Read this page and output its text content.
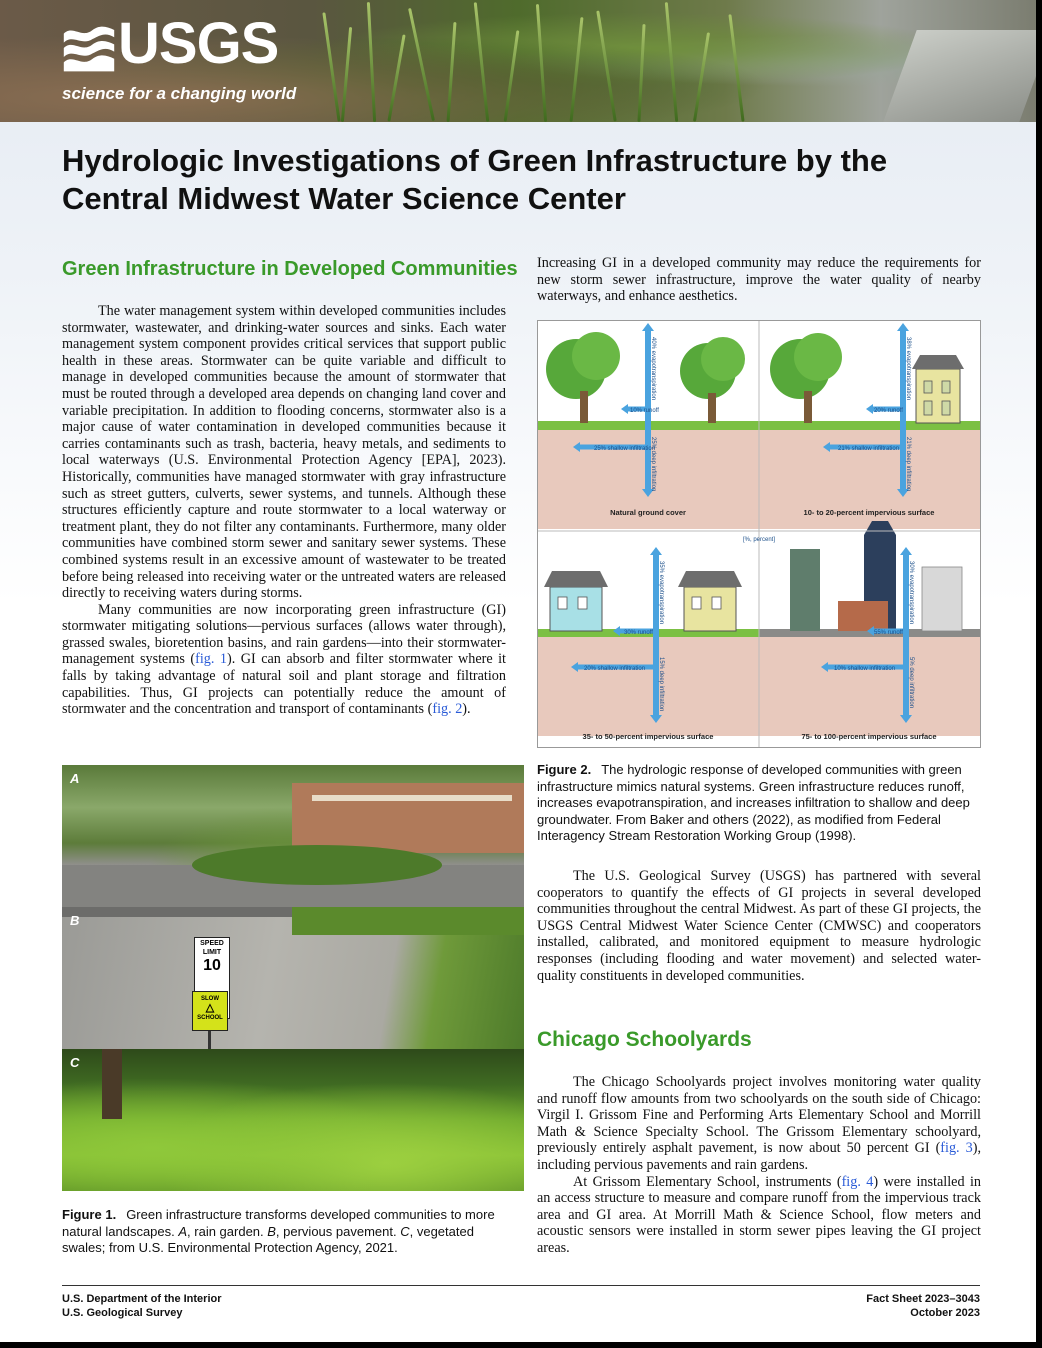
USGS
science for a changing world
Hydrologic Investigations of Green Infrastructure by the Central Midwest Water Science Center
Green Infrastructure in Developed Communities

The water management system within developed communities includes stormwater, wastewater, and drinking-water sources and sinks. Each water management system component provides critical services that support public health in these areas. Stormwater can be quite variable and difficult to manage in developed communities because the amount of stormwater that must be routed through a developed area depends on changing land cover and variable precipitation. In addition to flooding concerns, stormwater also is a major cause of water contamination in developed communities because it carries contaminants such as trash, bacteria, heavy metals, and sediments to local waterways (U.S. Environmental Protection Agency [EPA], 2023). Historically, communities have managed stormwater with gray infrastructure such as street gutters, culverts, sewer systems, and tunnels. Although these structures efficiently capture and route stormwater to a local waterway or treatment plant, they do not filter any contaminants. Furthermore, many older communities have combined storm sewer and sanitary sewer systems. These combined systems result in an excessive amount of wastewater to be treated before being released into receiving water or the untreated waters are released directly to receiving waters during storms.

Many communities are now incorporating green infrastructure (GI) stormwater mitigating solutions—pervious surfaces (allows water through), grassed swales, bioretention basins, and rain gardens—into their stormwater-management systems (fig. 1). GI can absorb and filter stormwater where it falls by taking advantage of natural soil and plant storage and filtration capabilities. Thus, GI projects can potentially reduce the amount of stormwater and the concentration and transport of contaminants (fig. 2).

A
SPEED
LIMIT
10
SLOW
△
SCHOOL
B
C

Figure 1. Green infrastructure transforms developed communities to more natural landscapes. A, rain garden. B, pervious pavement. C, vegetated swales; from U.S. Environmental Protection Agency, 2021.

Increasing GI in a developed community may reduce the requirements for new storm sewer infrastructure, improve the water quality of nearby waterways, and enhance aesthetics.
10% runoff
25% shallow infiltration
40% evapotranspiration
25% deep infiltration
Natural ground cover
20% runoff
21% shallow infiltration
38% evapotranspiration
21% deep infiltration
10- to 20-percent impervious surface
[%, percent]
30% runoff
20% shallow infiltration
35% evapotranspiration
15% deep infiltration
35- to 50-percent impervious surface
55% runoff
10% shallow infiltration
30% evapotranspiration
5% deep infiltration
75- to 100-percent impervious surface

Figure 2. The hydrologic response of developed communities with green infrastructure mimics natural systems. Green infrastructure reduces runoff, increases evapotranspiration, and increases infiltration to shallow and deep groundwater. From Baker and others (2022), as modified from Federal Interagency Stream Restoration Working Group (1998).

The U.S. Geological Survey (USGS) has partnered with several cooperators to quantify the effects of GI projects in several developed communities throughout the central Midwest. As part of these GI projects, the USGS Central Midwest Water Science Center (CMWSC) and cooperators installed, calibrated, and monitored equipment to measure hydrologic responses (including flooding and water movement) and selected water-quality constituents in developed communities.

Chicago Schoolyards

The Chicago Schoolyards project involves monitoring water quality and runoff flow amounts from two schoolyards on the south side of Chicago: Virgil I. Grissom Fine and Performing Arts Elementary School and Morrill Math & Science Specialty School. The Grissom Elementary schoolyard, previously entirely asphalt pavement, is now about 50 percent GI (fig. 3), including pervious pavements and rain gardens.

At Grissom Elementary School, instruments (fig. 4) were installed in an access structure to measure and compare runoff from the impervious track area and GI area. At Morrill Math & Science School, flow meters and acoustic sensors were installed in storm sewer pipes leaving the GI project areas.

U.S. Department of the Interior

U.S. Geological Survey

Fact Sheet 2023–3043

October 2023
